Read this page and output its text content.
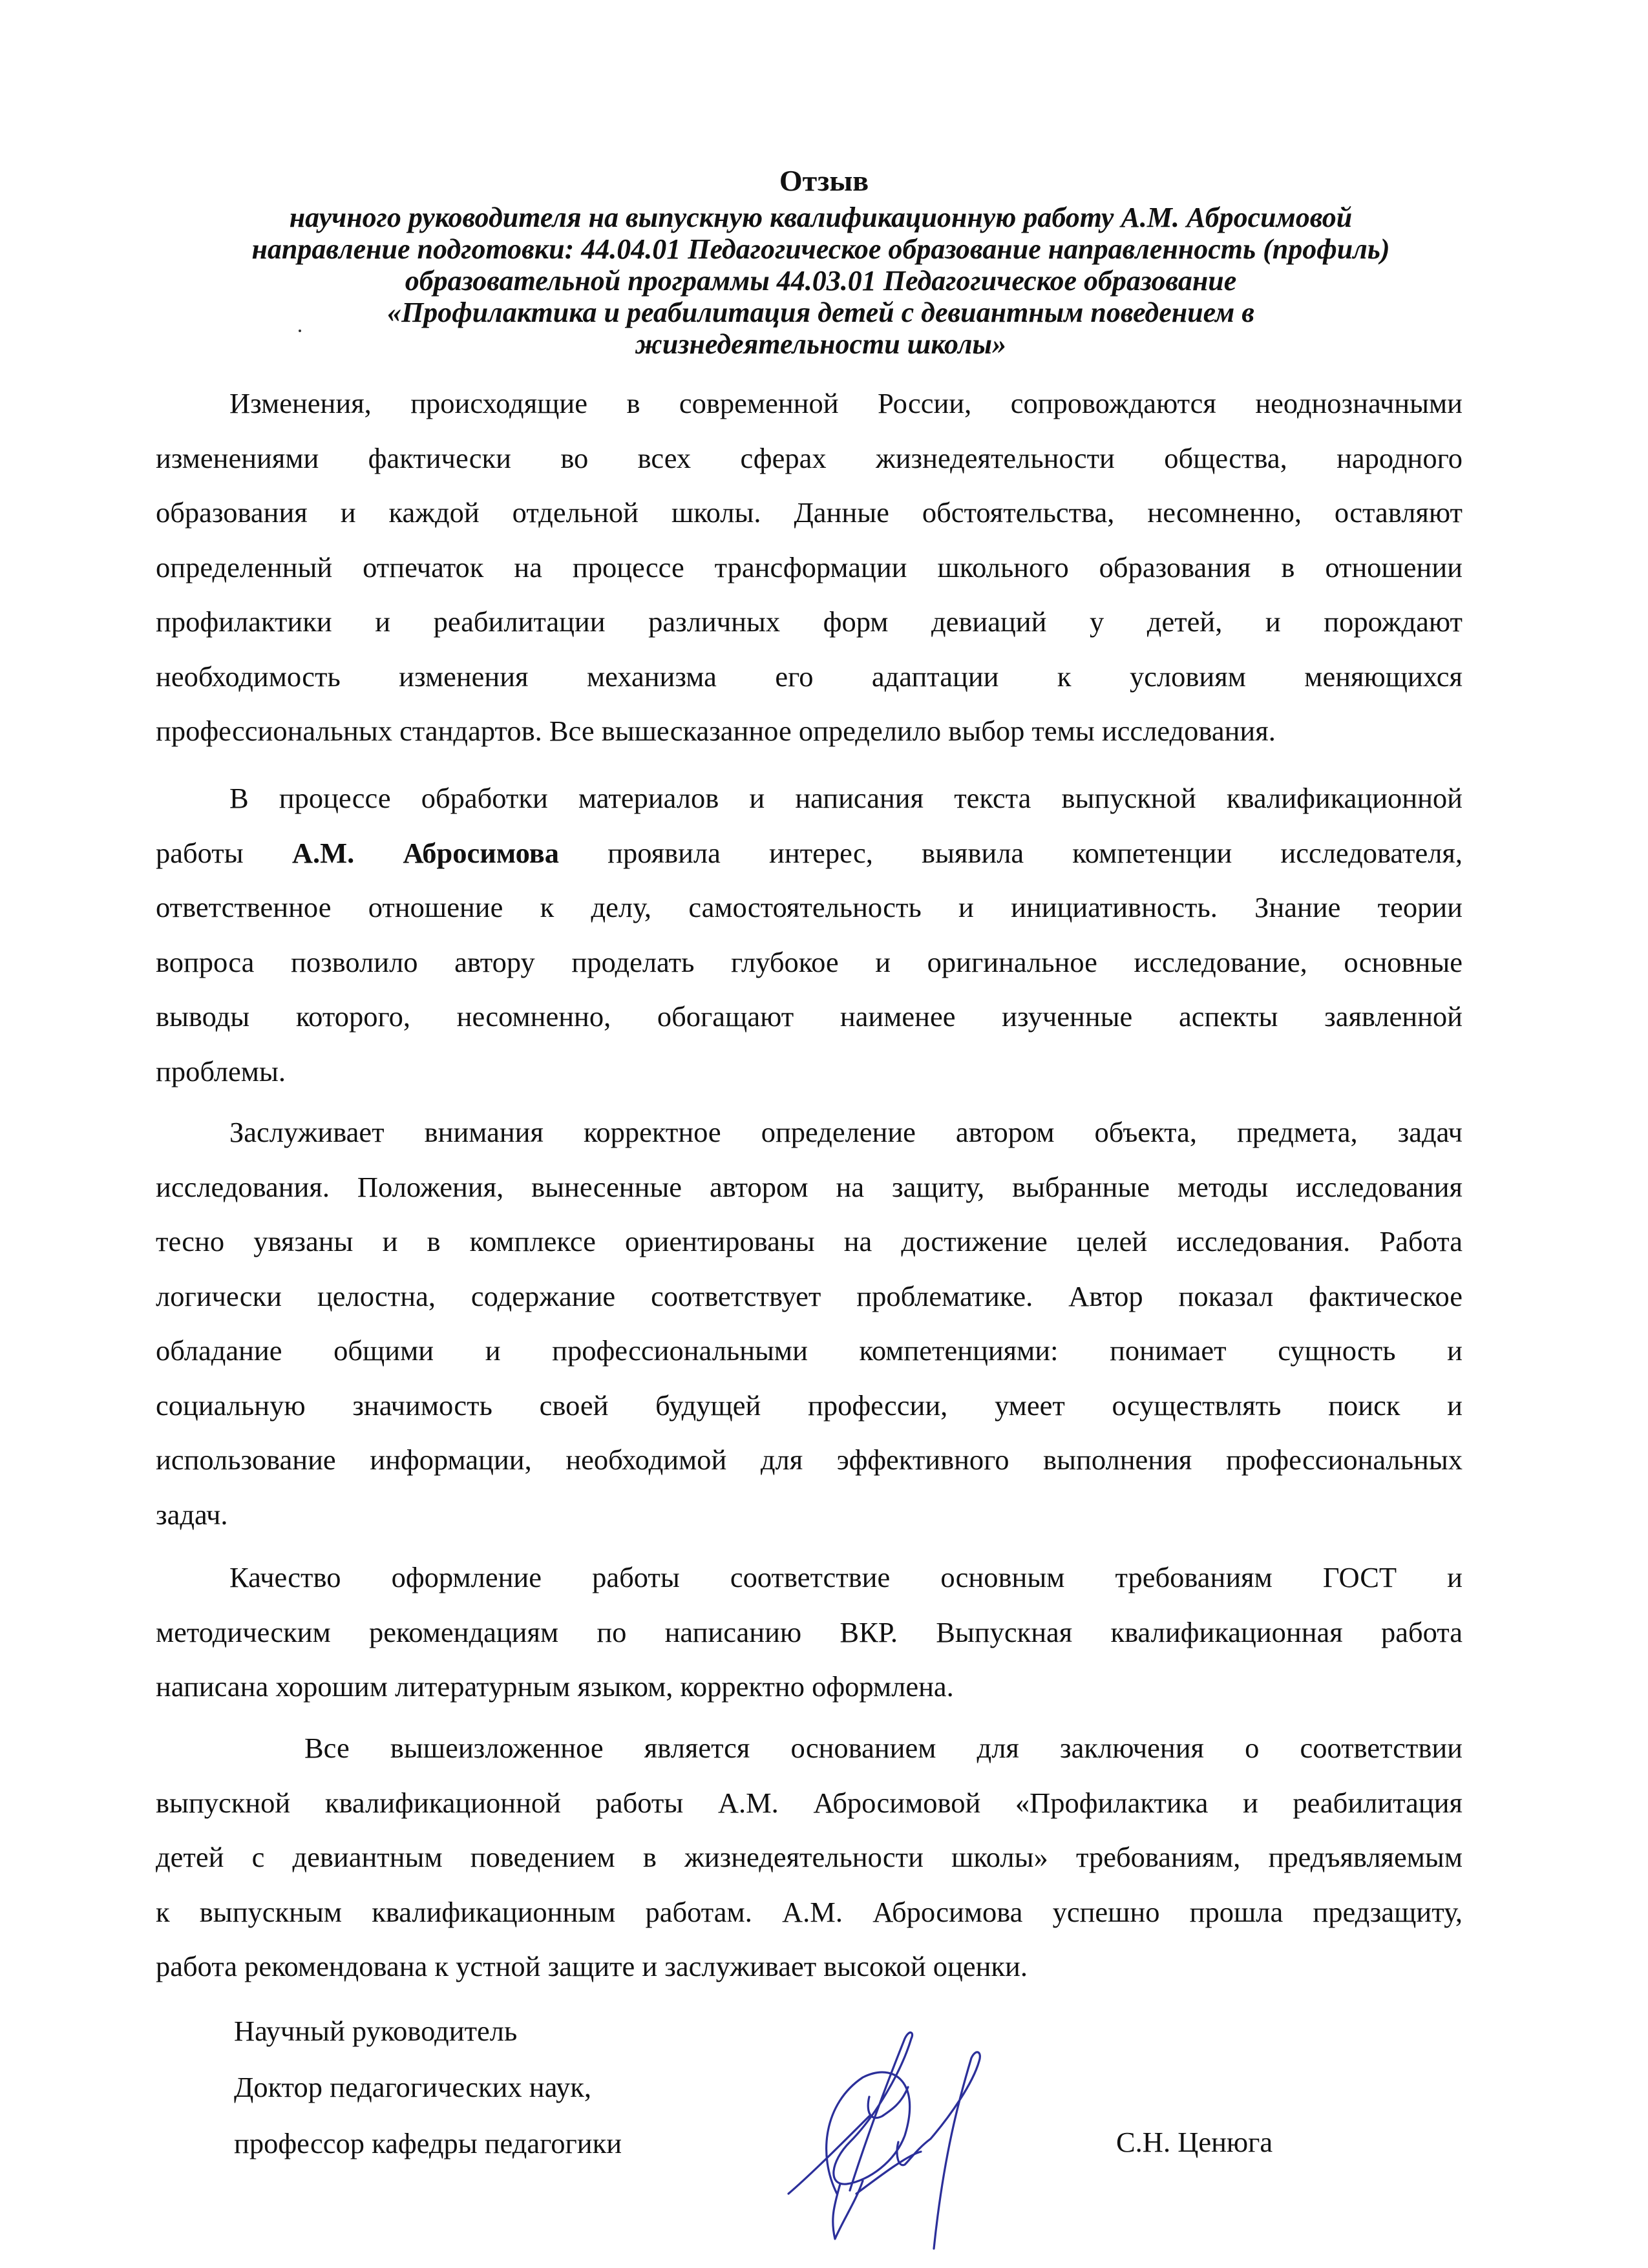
Отзыв
научного руководителя на выпускную квалификационную работу А.М. Абросимовой
направление подготовки: 44.04.01 Педагогическое образование направленность (профиль)
образовательной программы 44.03.01 Педагогическое образование
«Профилактика и реабилитация детей с девиантным поведением в
жизнедеятельности школы»
Изменения, происходящие в современной России, сопровождаются неоднозначными
изменениями фактически во всех сферах жизнедеятельности общества, народного
образования и каждой отдельной школы. Данные обстоятельства, несомненно, оставляют
определенный отпечаток на процессе трансформации школьного образования в отношении
профилактики и реабилитации различных форм девиаций у детей, и порождают
необходимость изменения механизма его адаптации к условиям меняющихся
профессиональных стандартов. Все вышесказанное определило выбор темы исследования.
В процессе обработки материалов и написания текста выпускной квалификационной
работы А.М. Абросимова проявила интерес, выявила компетенции исследователя,
ответственное отношение к делу, самостоятельность и инициативность. Знание теории
вопроса позволило автору проделать глубокое и оригинальное исследование, основные
выводы которого, несомненно, обогащают наименее изученные аспекты заявленной
проблемы.
Заслуживает внимания корректное определение автором объекта, предмета, задач
исследования. Положения, вынесенные автором на защиту, выбранные методы исследования
тесно увязаны и в комплексе ориентированы на достижение целей исследования. Работа
логически целостна, содержание соответствует проблематике. Автор показал фактическое
обладание общими и профессиональными компетенциями: понимает сущность и
социальную значимость своей будущей профессии, умеет осуществлять поиск и
использование информации, необходимой для эффективного выполнения профессиональных
задач.
Качество оформление работы соответствие основным требованиям ГОСТ и
методическим рекомендациям по написанию ВКР. Выпускная квалификационная работа
написана хорошим литературным языком, корректно оформлена.
Все вышеизложенное является основанием для заключения о соответствии
выпускной квалификационной работы А.М. Абросимовой «Профилактика и реабилитация
детей с девиантным поведением в жизнедеятельности школы» требованиям, предъявляемым
к выпускным квалификационным работам. А.М. Абросимова успешно прошла предзащиту,
работа рекомендована к устной защите и заслуживает высокой оценки.
Научный руководитель
Доктор педагогических наук,
профессор кафедры педагогики	С.Н. Ценюга
